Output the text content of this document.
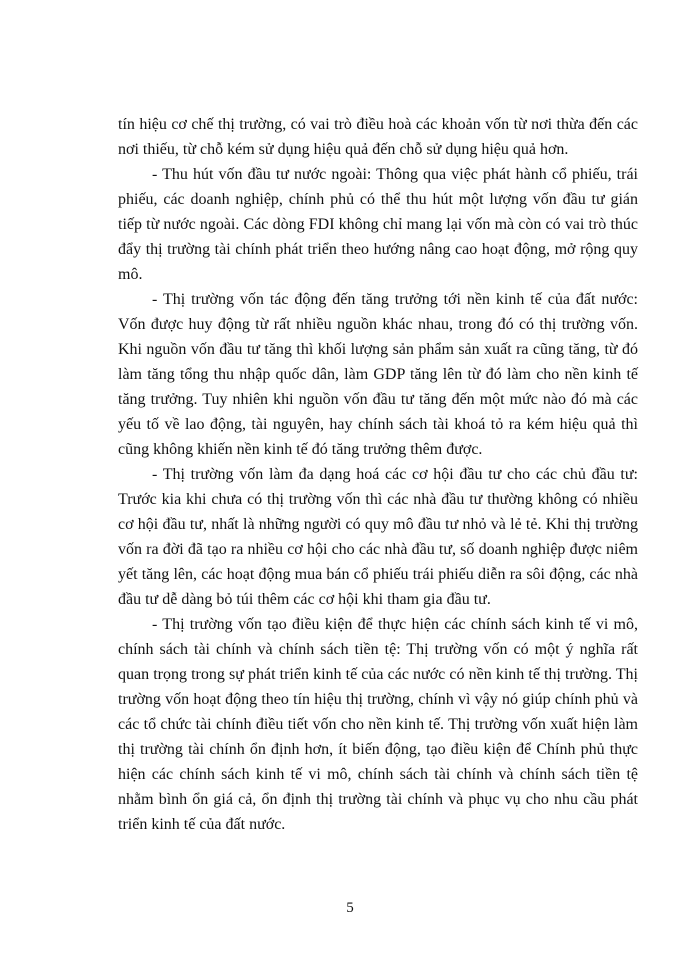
tín hiệu cơ chế thị trường, có vai trò điều hoà các khoản vốn từ nơi thừa đến các nơi thiếu, từ chỗ kém sử dụng hiệu quả đến chỗ sử dụng hiệu quả hơn.

- Thu hút vốn đầu tư nước ngoài: Thông qua việc phát hành cổ phiếu, trái phiếu, các doanh nghiệp, chính phủ có thể thu hút một lượng vốn đầu tư gián tiếp từ nước ngoài. Các dòng FDI không chỉ mang lại vốn mà còn có vai trò thúc đẩy thị trường tài chính phát triển theo hướng nâng cao hoạt động, mở rộng quy mô.

- Thị trường vốn tác động đến tăng trưởng tới nền kinh tế của đất nước: Vốn được huy động từ rất nhiều nguồn khác nhau, trong đó có thị trường vốn. Khi nguồn vốn đầu tư tăng thì khối lượng sản phẩm sản xuất ra cũng tăng, từ đó làm tăng tổng thu nhập quốc dân, làm GDP tăng lên từ đó làm cho nền kinh tế tăng trưởng. Tuy nhiên khi nguồn vốn đầu tư tăng đến một mức nào đó mà các yếu tố về lao động, tài nguyên, hay chính sách tài khoá tỏ ra kém hiệu quả thì cũng không khiến nền kinh tế đó tăng trưởng thêm được.

- Thị trường vốn làm đa dạng hoá các cơ hội đầu tư cho các chủ đầu tư: Trước kia khi chưa có thị trường vốn thì các nhà đầu tư thường không có nhiều cơ hội đầu tư, nhất là những người có quy mô đầu tư nhỏ và lẻ tẻ. Khi thị trường vốn ra đời đã tạo ra nhiều cơ hội cho các nhà đầu tư, số doanh nghiệp được niêm yết tăng lên, các hoạt động mua bán cổ phiếu trái phiếu diễn ra sôi động, các nhà đầu tư dễ dàng bỏ túi thêm các cơ hội khi tham gia đầu tư.

- Thị trường vốn tạo điều kiện để thực hiện các chính sách kinh tế vi mô, chính sách tài chính và chính sách tiền tệ: Thị trường vốn có một ý nghĩa rất quan trọng trong sự phát triển kinh tế của các nước có nền kinh tế thị trường. Thị trường vốn hoạt động theo tín hiệu thị trường, chính vì vậy nó giúp chính phủ và các tổ chức tài chính điều tiết vốn cho nền kinh tế. Thị trường vốn xuất hiện làm thị trường tài chính ổn định hơn, ít biến động, tạo điều kiện để Chính phủ thực hiện các chính sách kinh tế vi mô, chính sách tài chính và chính sách tiền tệ nhằm bình ổn giá cả, ổn định thị trường tài chính và phục vụ cho nhu cầu phát triển kinh tế của đất nước.

5
